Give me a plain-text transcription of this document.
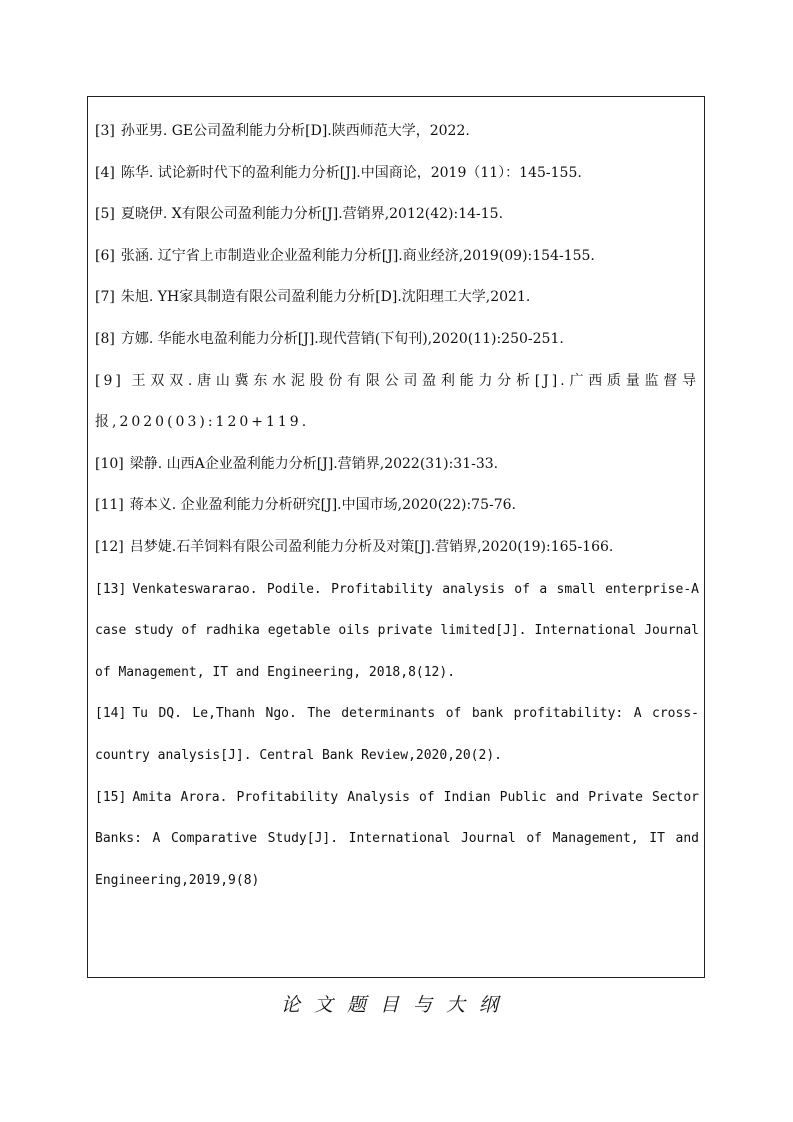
[3] 孙亚男. GE公司盈利能力分析[D].陕西师范大学，2022.

[4] 陈华. 试论新时代下的盈利能力分析[J].中国商论，2019（11）：145-155.

[5] 夏晓伊. X有限公司盈利能力分析[J].营销界,2012(42):14-15.

[6] 张涵. 辽宁省上市制造业企业盈利能力分析[J].商业经济,2019(09):154-155.

[7] 朱旭. YH家具制造有限公司盈利能力分析[D].沈阳理工大学,2021.

[8] 方娜. 华能水电盈利能力分析[J].现代营销(下旬刊),2020(11):250-251.

[9] 王双双.唐山冀东水泥股份有限公司盈利能力分析[J].广西质量监督导报,2020(03):120+119.

[10] 梁静. 山西A企业盈利能力分析[J].营销界,2022(31):31-33.

[11] 蒋本义. 企业盈利能力分析研究[J].中国市场,2020(22):75-76.

[12] 吕梦婕.石羊饲料有限公司盈利能力分析及对策[J].营销界,2020(19):165-166.

[13] Venkateswararao. Podile. Profitability analysis of a small enterprise-A case study of radhika egetable oils private limited[J]. International Journal of Management, IT and Engineering, 2018,8(12).

[14] Tu DQ. Le,Thanh Ngo. The determinants of bank profitability: A cross-country analysis[J]. Central Bank Review,2020,20(2).

[15] Amita Arora. Profitability Analysis of Indian Public and Private Sector Banks: A Comparative Study[J]. International Journal of Management, IT and Engineering,2019,9(8)

论文题目与大纲
